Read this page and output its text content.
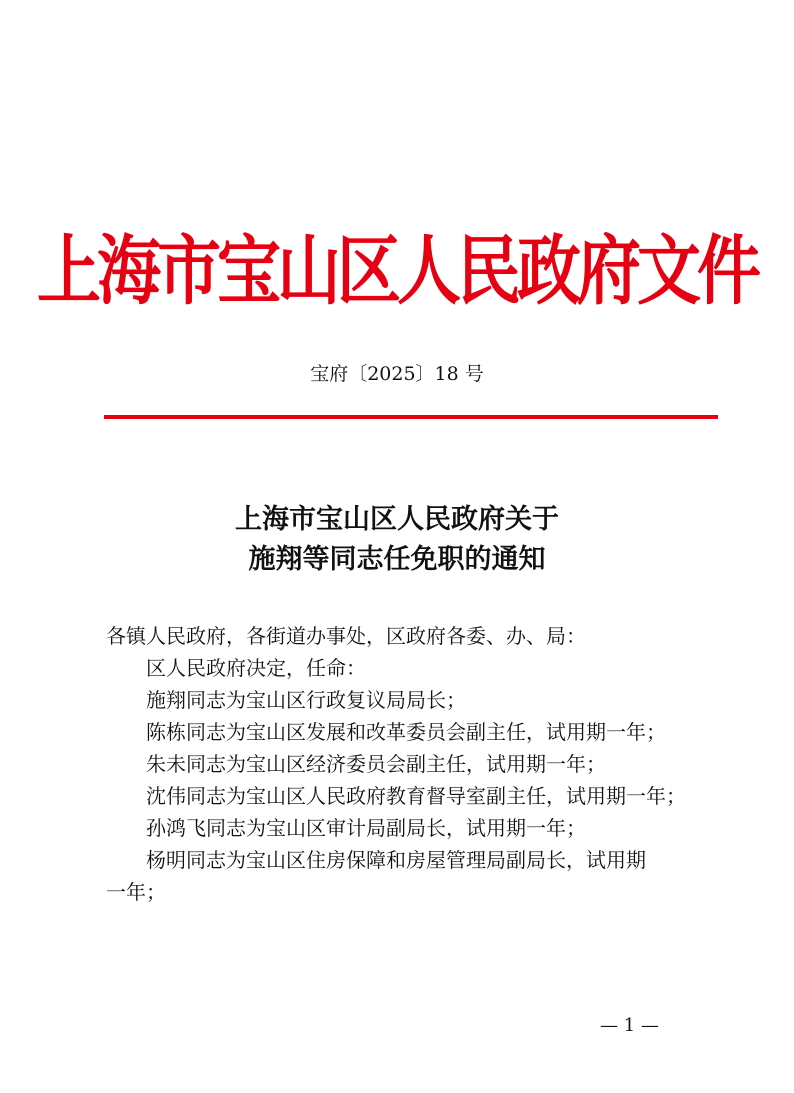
上海市宝山区人民政府文件
宝府〔2025〕18 号
上海市宝山区人民政府关于
施翔等同志任免职的通知

各镇人民政府，各街道办事处，区政府各委、办、局：

区人民政府决定，任命：

施翔同志为宝山区行政复议局局长；

陈栋同志为宝山区发展和改革委员会副主任，试用期一年；

朱未同志为宝山区经济委员会副主任，试用期一年；

沈伟同志为宝山区人民政府教育督导室副主任，试用期一年；

孙鸿飞同志为宝山区审计局副局长，试用期一年；

杨明同志为宝山区住房保障和房屋管理局副局长，试用期

一年；

— 1 —
